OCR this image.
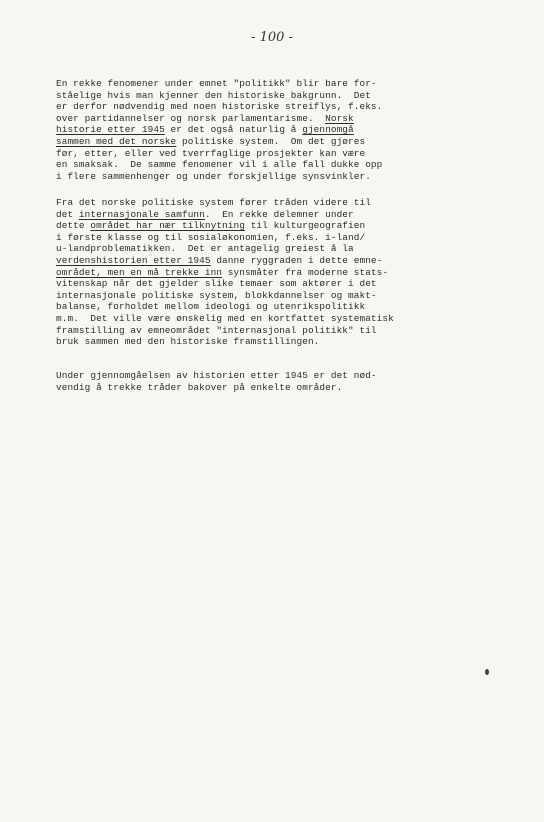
- 100 -
En rekke fenomener under emnet "politikk" blir bare for-
ståelige hvis man kjenner den historiske bakgrunn.  Det
er derfor nødvendig med noen historiske streiflys, f.eks.
over partidannelser og norsk parlamentarisme.  Norsk
historie etter 1945 er det også naturlig å gjennomgå
sammen med det norske politiske system.  Om det gjøres
før, etter, eller ved tverrfaglige prosjekter kan være
en smaksak.  De samme fenomener vil i alle fall dukke opp
i flere sammenhenger og under forskjellige synsvinkler.
Fra det norske politiske system fører tråden videre til
det internasjonale samfunn.  En rekke delemner under
dette området har nær tilknytning til kulturgeografien
i første klasse og til sosialøkonomien, f.eks. i-land/
u-landproblematikken.  Det er antagelig greiest å la
verdenshistorien etter 1945 danne ryggraden i dette emne-
området, men en må trekke inn synsmåter fra moderne stats-
vitenskap når det gjelder slike temaer som aktører i det
internasjonale politiske system, blokkdannelser og makt-
balanse, forholdet mellom ideologi og utenrikspolitikk
m.m.  Det ville være ønskelig med en kortfattet systematisk
framstilling av emneområdet "internasjonal politikk" til
bruk sammen med den historiske framstillingen.
Under gjennomgåelsen av historien etter 1945 er det nød-
vendig å trekke tråder bakover på enkelte områder.
